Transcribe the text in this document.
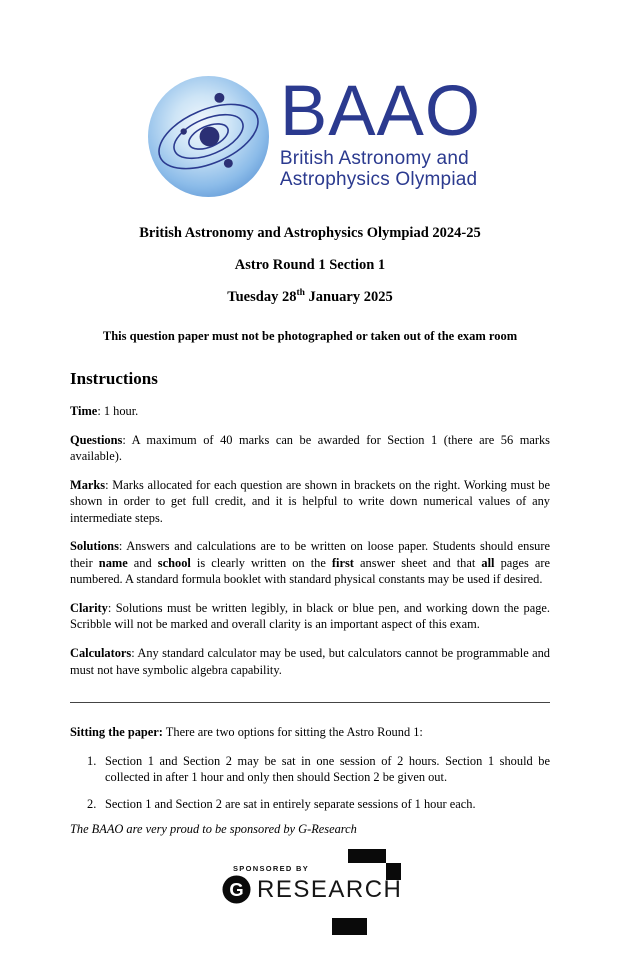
BAAO
British Astronomy and
Astrophysics Olympiad
British Astronomy and Astrophysics Olympiad 2024-25
Astro Round 1 Section 1
Tuesday 28th January 2025
This question paper must not be photographed or taken out of the exam room
Instructions

Time: 1 hour.

Questions: A maximum of 40 marks can be awarded for Section 1 (there are 56 marks available).

Marks: Marks allocated for each question are shown in brackets on the right. Working must be shown in order to get full credit, and it is helpful to write down numerical values of any intermediate steps.

Solutions: Answers and calculations are to be written on loose paper. Students should ensure their name and school is clearly written on the first answer sheet and that all pages are numbered. A standard formula booklet with standard physical constants may be used if desired.

Clarity: Solutions must be written legibly, in black or blue pen, and working down the page. Scribble will not be marked and overall clarity is an important aspect of this exam.

Calculators: Any standard calculator may be used, but calculators cannot be programmable and must not have symbolic algebra capability.

Sitting the paper: There are two options for sitting the Astro Round 1:

1. Section 1 and Section 2 may be sat in one session of 2 hours. Section 1 should be collected in after 1 hour and only then should Section 2 be given out.
2. Section 1 and Section 2 are sat in entirely separate sessions of 1 hour each.

The BAAO are very proud to be sponsored by G-Research

SPONSORED BY
G RESEARCH
